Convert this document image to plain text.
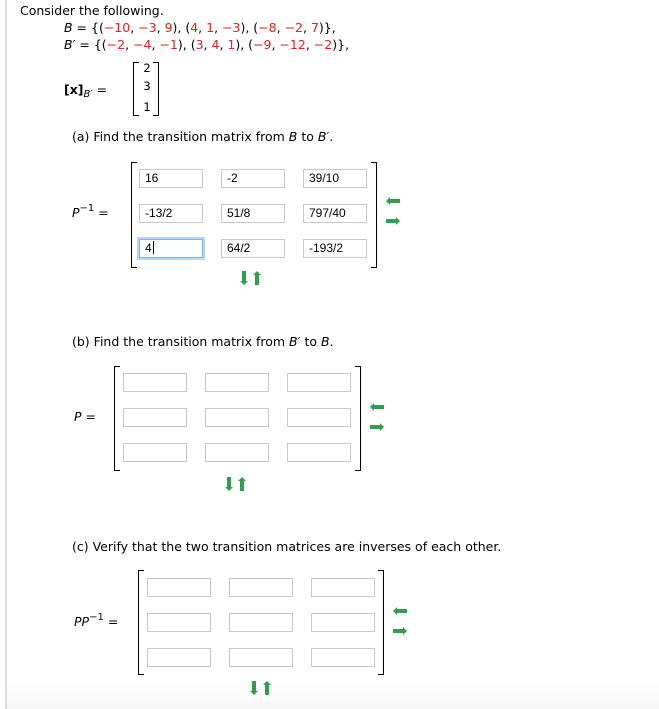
Consider the following.
B = {(−10, −3, 9), (4, 1, −3), (−8, −2, 7)},
B′ = {(−2, −4, −1), (3, 4, 1), (−9, −12, −2)},
$[x]_{B'}$ =
2
3
1
(a) Find the transition matrix from B to B′.
$P^{-1}$ =
16	-2	39/10
-13/2	51/8	797/40
4	64/2	-193/2
(b) Find the transition matrix from B′ to B.
P =
(c) Verify that the two transition matrices are inverses of each other.
$PP^{-1}$ =
